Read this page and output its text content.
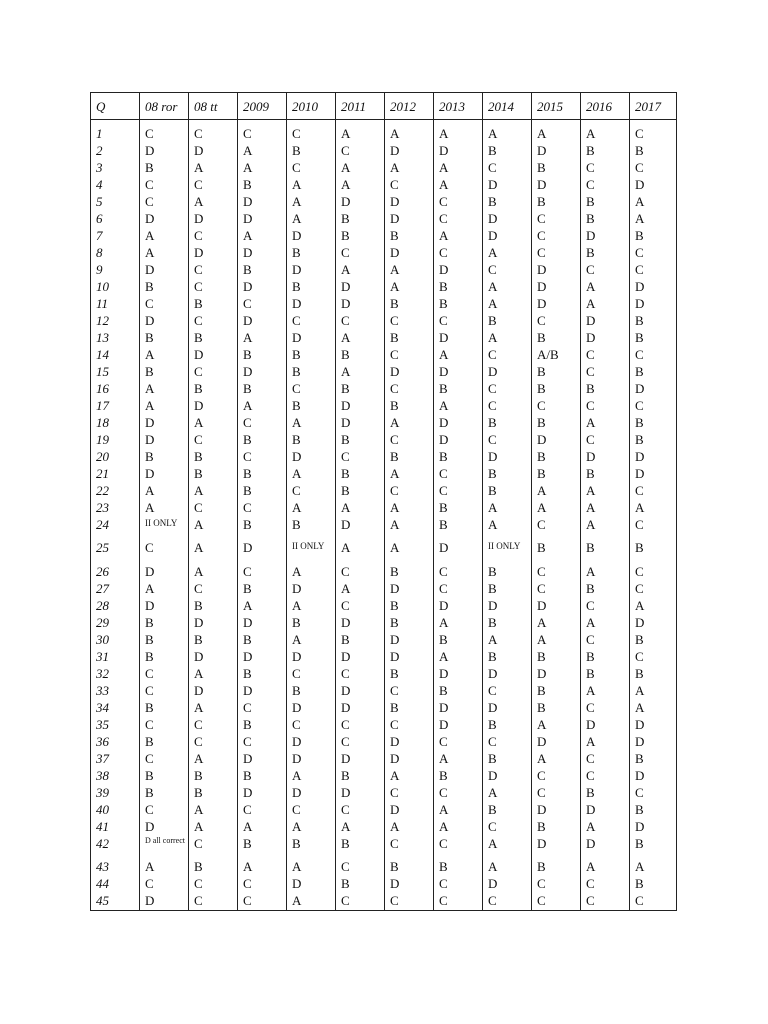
Q	08 ror	08 tt	2009	2010	2011	2012	2013	2014	2015	2016	2017

1	C	C	C	C	A	A	A	A	A	A	C
2	D	D	A	B	C	D	D	B	D	B	B
3	B	A	A	C	A	A	A	C	B	C	C
4	C	C	B	A	A	C	A	D	D	C	D
5	C	A	D	A	D	D	C	B	B	B	A
6	D	D	D	A	B	D	C	D	C	B	A
7	A	C	A	D	B	B	A	D	C	D	B
8	A	D	D	B	C	D	C	A	C	B	C
9	D	C	B	D	A	A	D	C	D	C	C
10	B	C	D	B	D	A	B	A	D	A	D
11	C	B	C	D	D	B	B	A	D	A	D
12	D	C	D	C	C	C	C	B	C	D	B
13	B	B	A	D	A	B	D	A	B	D	B
14	A	D	B	B	B	C	A	C	A/B	C	C
15	B	C	D	B	A	D	D	D	B	C	B
16	A	B	B	C	B	C	B	C	B	B	D
17	A	D	A	B	D	B	A	C	C	C	C
18	D	A	C	A	D	A	D	B	B	A	B
19	D	C	B	B	B	C	D	C	D	C	B
20	B	B	C	D	C	B	B	D	B	D	D
21	D	B	B	A	B	A	C	B	B	B	D
22	A	A	B	C	B	C	C	B	A	A	C
23	A	C	C	A	A	A	B	A	A	A	A
24	II ONLY	A	B	B	D	A	B	A	C	A	C
25	C	A	D	II ONLY	A	A	D	II ONLY	B	B	B
26	D	A	C	A	C	B	C	B	C	A	C
27	A	C	B	D	A	D	C	B	C	B	C
28	D	B	A	A	C	B	D	D	D	C	A
29	B	D	D	B	D	B	A	B	A	A	D
30	B	B	B	A	B	D	B	A	A	C	B
31	B	D	D	D	D	D	A	B	B	B	C
32	C	A	B	C	C	B	D	D	D	B	B
33	C	D	D	B	D	C	B	C	B	A	A
34	B	A	C	D	D	B	D	D	B	C	A
35	C	C	B	C	C	C	D	B	A	D	D
36	B	C	C	D	C	D	C	C	D	A	D
37	C	A	D	D	D	D	A	B	A	C	B
38	B	B	B	A	B	A	B	D	C	C	D
39	B	B	D	D	D	C	C	A	C	B	C
40	C	A	C	C	C	D	A	B	D	D	B
41	D	A	A	A	A	A	A	C	B	A	D
42	D all correct	C	B	B	B	C	C	A	D	D	B
43	A	B	A	A	C	B	B	A	B	A	A
44	C	C	C	D	B	D	C	D	C	C	B
45	D	C	C	A	C	C	C	C	C	C	C
